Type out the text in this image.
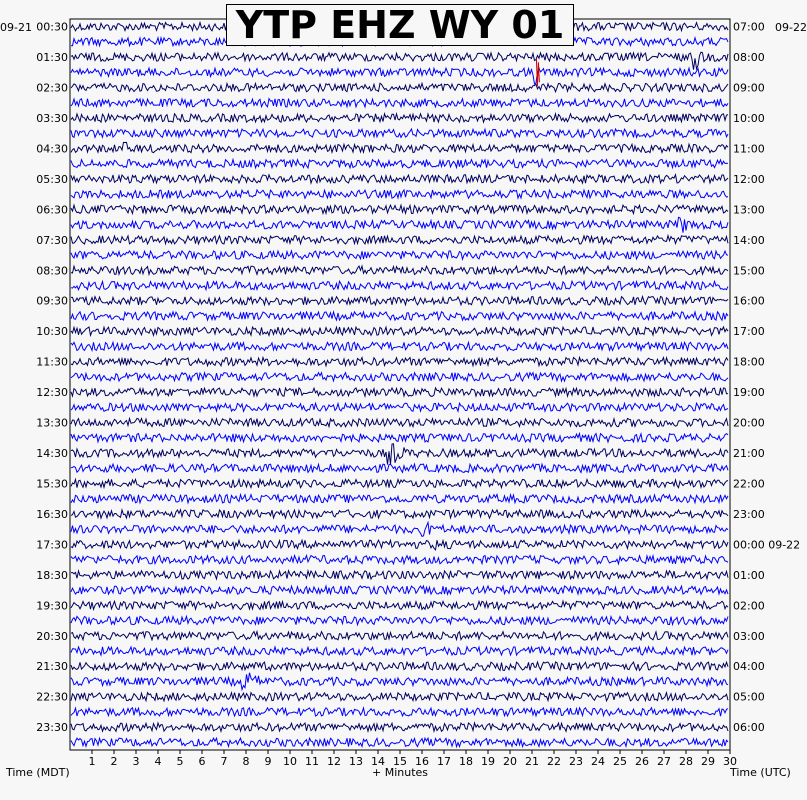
00:30
01:30
02:30
03:30
04:30
05:30
06:30
07:30
08:30
09:30
10:30
11:30
12:30
13:30
14:30
15:30
16:30
17:30
18:30
19:30
20:30
21:30
22:30
23:30
07:00
08:00
09:00
10:00
11:00
12:00
13:00
14:00
15:00
16:00
17:00
18:00
19:00
20:00
21:00
22:00
23:00
00:00 09-22
01:00
02:00
03:00
04:00
05:00
06:00
1 2 3 4 5 6 7 8 9 10 11 12 13 14 15 16 17 18 19 20 21 22 23 24 25 26 27 28 29 30
YTP EHZ WY 01
09-21	09-22
Time (MDT)	+ Minutes	Time (UTC)
